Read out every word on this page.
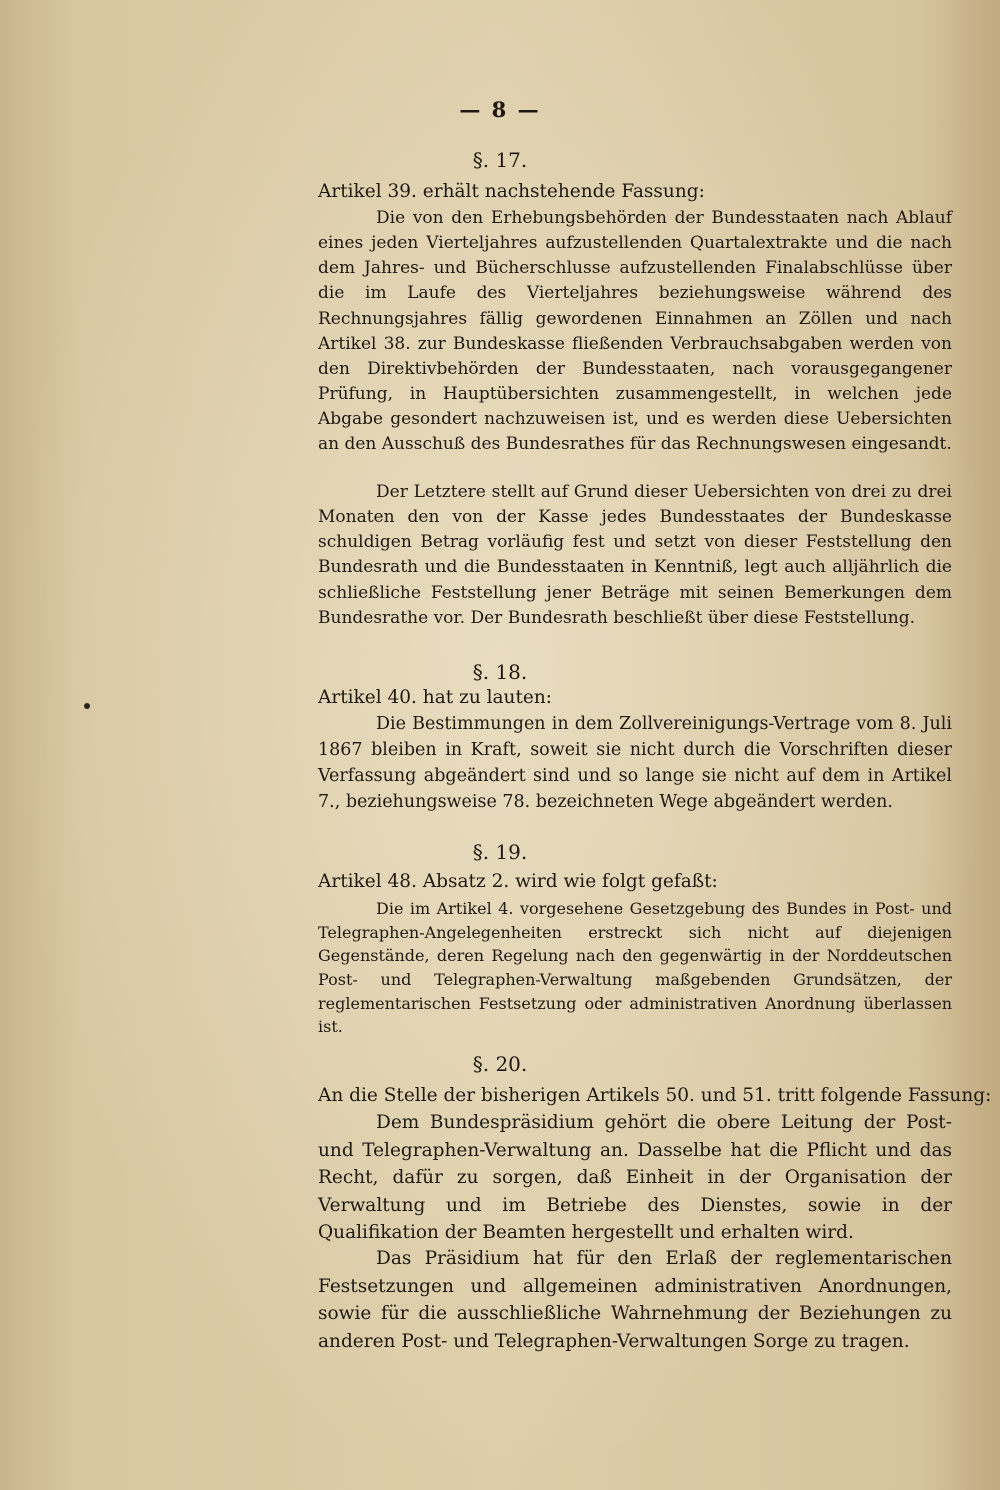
— 8 —
§. 17.
Artikel 39. erhält nachstehende Fassung:
Die von den Erhebungsbehörden der Bundesstaaten nach Ablauf eines jeden Vierteljahres aufzustellenden Quartalextrakte und die nach dem Jahres- und Bücherschlusse aufzustellenden Finalabschlüsse über die im Laufe des Vierteljahres beziehungsweise während des Rechnungsjahres fällig gewordenen Einnahmen an Zöllen und nach Artikel 38. zur Bundeskasse fließenden Verbrauchsabgaben werden von den Direktivbehörden der Bundesstaaten, nach vorausgegangener Prüfung, in Hauptübersichten zusammengestellt, in welchen jede Abgabe gesondert nachzuweisen ist, und es werden diese Uebersichten an den Ausschuß des Bundesrathes für das Rechnungswesen eingesandt.
Der Letztere stellt auf Grund dieser Uebersichten von drei zu drei Monaten den von der Kasse jedes Bundesstaates der Bundeskasse schuldigen Betrag vorläufig fest und setzt von dieser Feststellung den Bundesrath und die Bundesstaaten in Kenntniß, legt auch alljährlich die schließliche Feststellung jener Beträge mit seinen Bemerkungen dem Bundesrathe vor. Der Bundesrath beschließt über diese Feststellung.
§. 18.
Artikel 40. hat zu lauten:
Die Bestimmungen in dem Zollvereinigungs-Vertrage vom 8. Juli 1867 bleiben in Kraft, soweit sie nicht durch die Vorschriften dieser Verfassung abgeändert sind und so lange sie nicht auf dem in Artikel 7., beziehungsweise 78. bezeichneten Wege abgeändert werden.
§. 19.
Artikel 48. Absatz 2. wird wie folgt gefaßt:
Die im Artikel 4. vorgesehene Gesetzgebung des Bundes in Post- und Telegraphen-Angelegenheiten erstreckt sich nicht auf diejenigen Gegenstände, deren Regelung nach den gegenwärtig in der Norddeutschen Post- und Telegraphen-Verwaltung maßgebenden Grundsätzen, der reglementarischen Festsetzung oder administrativen Anordnung überlassen ist.
§. 20.
An die Stelle der bisherigen Artikels 50. und 51. tritt folgende Fassung:
Dem Bundespräsidium gehört die obere Leitung der Post- und Telegraphen-Verwaltung an. Dasselbe hat die Pflicht und das Recht, dafür zu sorgen, daß Einheit in der Organisation der Verwaltung und im Betriebe des Dienstes, sowie in der Qualifikation der Beamten hergestellt und erhalten wird.
Das Präsidium hat für den Erlaß der reglementarischen Festsetzungen und allgemeinen administrativen Anordnungen, sowie für die ausschließliche Wahrnehmung der Beziehungen zu anderen Post- und Telegraphen-Verwaltungen Sorge zu tragen.
